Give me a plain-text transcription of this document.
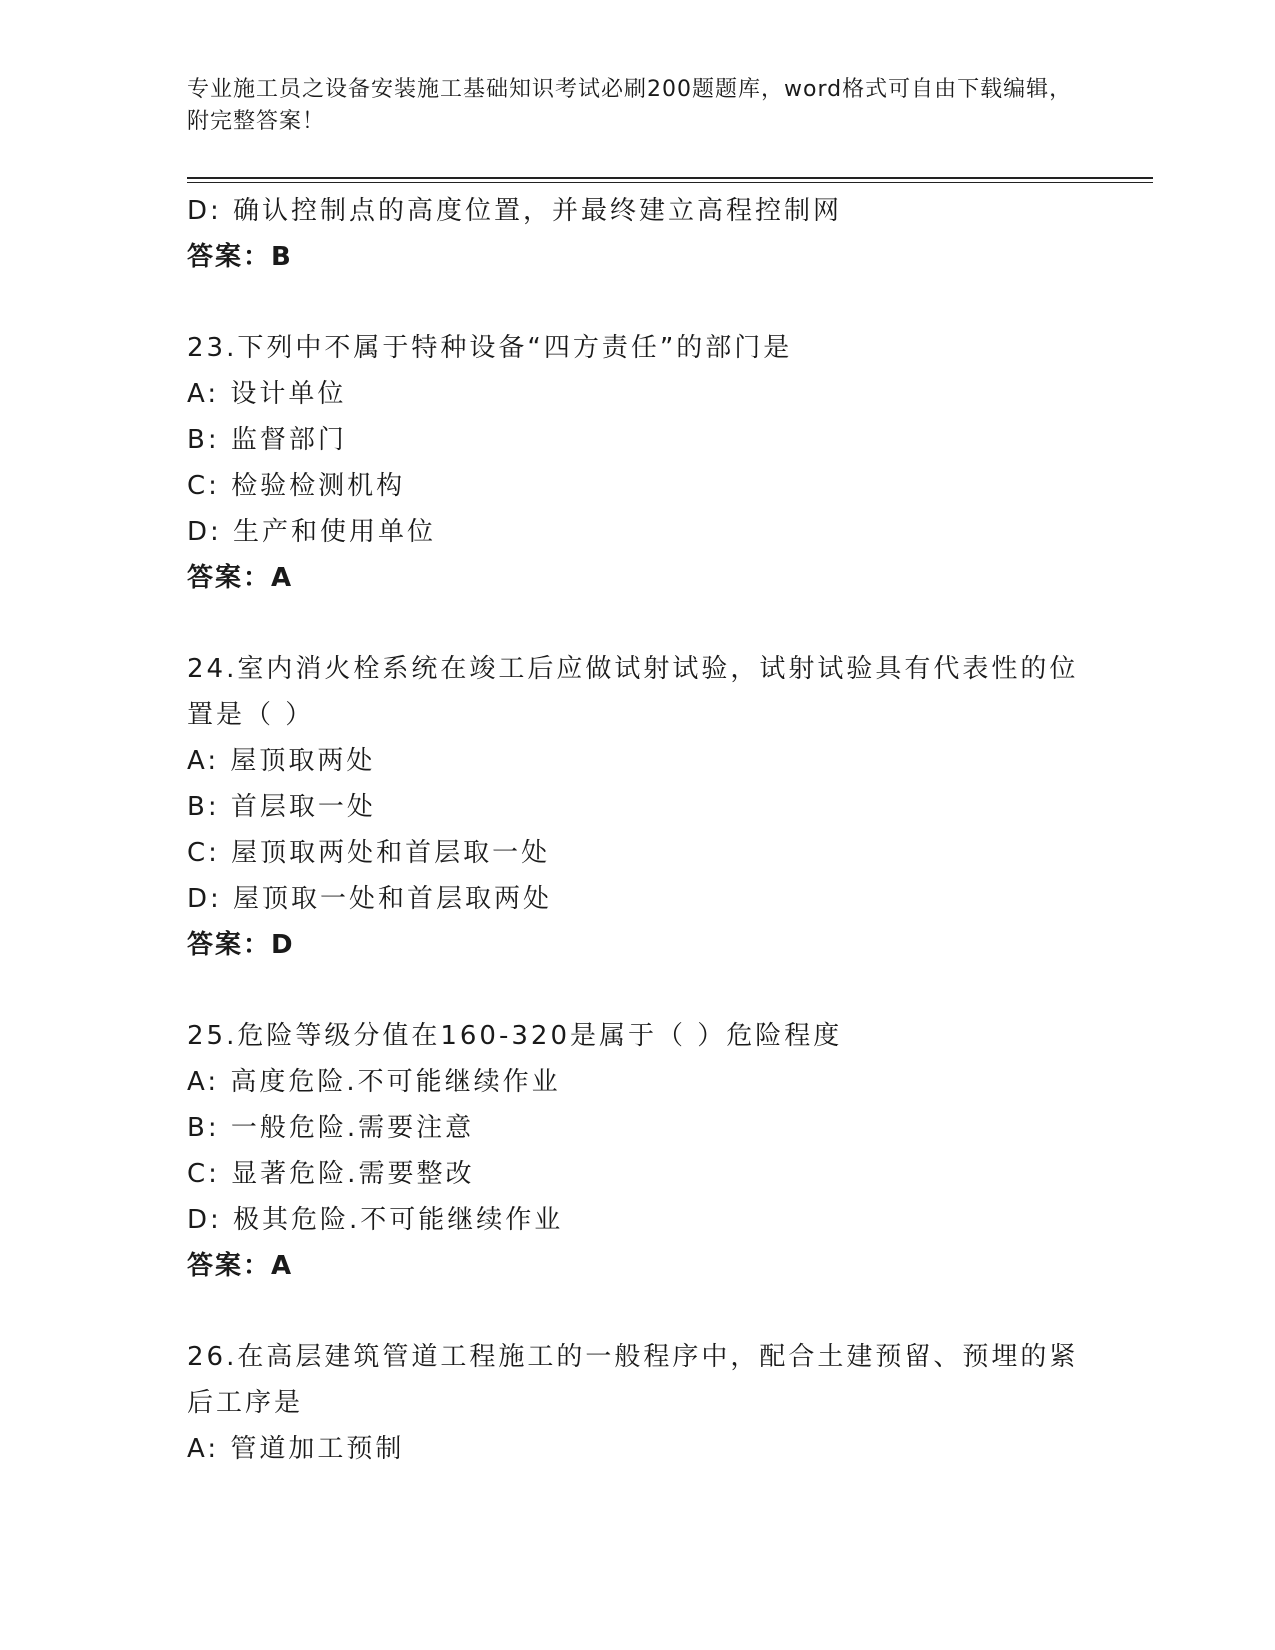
专业施工员之设备安装施工基础知识考试必刷200题题库，word格式可自由下载编辑，附完整答案！
D: 确认控制点的高度位置，并最终建立高程控制网
答案：B
23.下列中不属于特种设备“四方责任”的部门是
A: 设计单位
B: 监督部门
C: 检验检测机构
D: 生产和使用单位
答案：A
24.室内消火栓系统在竣工后应做试射试验，试射试验具有代表性的位置是（ ）
A: 屋顶取两处
B: 首层取一处
C: 屋顶取两处和首层取一处
D: 屋顶取一处和首层取两处
答案：D
25.危险等级分值在160-320是属于（ ）危险程度
A: 高度危险.不可能继续作业
B: 一般危险.需要注意
C: 显著危险.需要整改
D: 极其危险.不可能继续作业
答案：A
26.在高层建筑管道工程施工的一般程序中，配合土建预留、预埋的紧后工序是
A: 管道加工预制
